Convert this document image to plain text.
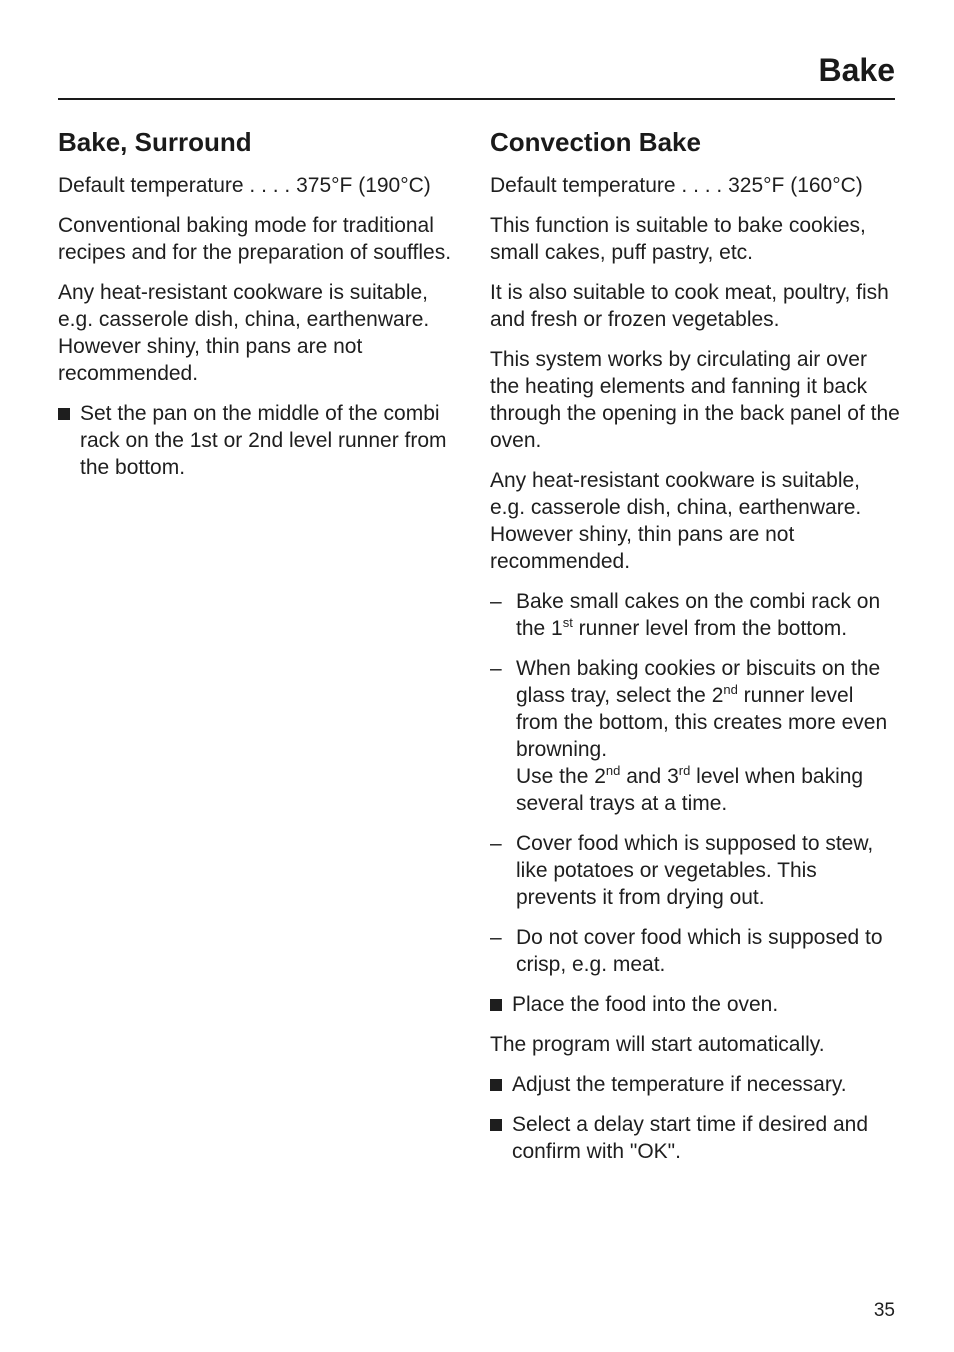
Bake
Bake, Surround

Default temperature . . . . 375°F (190°C)

Conventional baking mode for traditional recipes and for the preparation of souffles.

Any heat-resistant cookware is suitable, e.g. casserole dish, china, earthenware. However shiny, thin pans are not recommended.

Set the pan on the middle of the combi rack on the 1st or 2nd level runner from the bottom.
Convection Bake

Default temperature . . . . 325°F (160°C)

This function is suitable to bake cookies, small cakes, puff pastry, etc.

It is also suitable to cook meat, poultry, fish and fresh or frozen vegetables.

This system works by circulating air over the heating elements and fanning it back through the opening in the back panel of the oven.

Any heat-resistant cookware is suitable, e.g. casserole dish, china, earthenware. However shiny, thin pans are not recommended.

– Bake small cakes on the combi rack on the 1st runner level from the bottom.
– When baking cookies or biscuits on the glass tray, select the 2nd runner level from the bottom, this creates more even browning.
Use the 2nd and 3rd level when baking several trays at a time.
– Cover food which is supposed to stew, like potatoes or vegetables. This prevents it from drying out.
– Do not cover food which is supposed to crisp, e.g. meat.
Place the food into the oven.

The program will start automatically.

Adjust the temperature if necessary.
Select a delay start time if desired and confirm with "OK".
35
